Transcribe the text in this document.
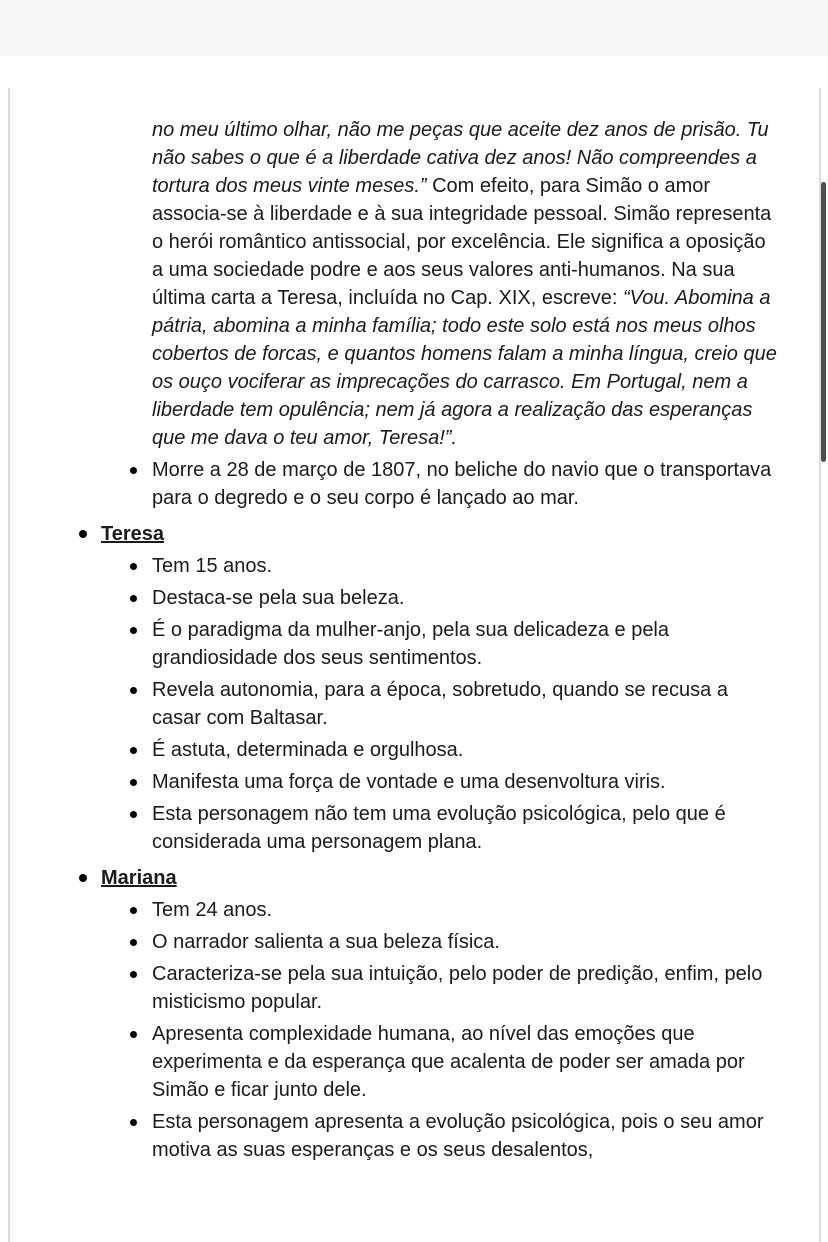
no meu último olhar, não me peças que aceite dez anos de prisão. Tu não sabes o que é a liberdade cativa dez anos! Não compreendes a tortura dos meus vinte meses.” Com efeito, para Simão o amor associa-se à liberdade e à sua integridade pessoal. Simão representa o herói romântico antissocial, por excelência. Ele significa a oposição a uma sociedade podre e aos seus valores anti-humanos. Na sua última carta a Teresa, incluída no Cap. XIX, escreve: “Vou. Abomina a pátria, abomina a minha família; todo este solo está nos meus olhos cobertos de forcas, e quantos homens falam a minha língua, creio que os ouço vociferar as imprecações do carrasco. Em Portugal, nem a liberdade tem opulência; nem já agora a realização das esperanças que me dava o teu amor, Teresa!”.
Morre a 28 de março de 1807, no beliche do navio que o transportava para o degredo e o seu corpo é lançado ao mar.
Teresa
Tem 15 anos.
Destaca-se pela sua beleza.
É o paradigma da mulher-anjo, pela sua delicadeza e pela grandiosidade dos seus sentimentos.
Revela autonomia, para a época, sobretudo, quando se recusa a casar com Baltasar.
É astuta, determinada e orgulhosa.
Manifesta uma força de vontade e uma desenvoltura viris.
Esta personagem não tem uma evolução psicológica, pelo que é considerada uma personagem plana.
Mariana
Tem 24 anos.
O narrador salienta a sua beleza física.
Caracteriza-se pela sua intuição, pelo poder de predição, enfim, pelo misticismo popular.
Apresenta complexidade humana, ao nível das emoções que experimenta e da esperança que acalenta de poder ser amada por Simão e ficar junto dele.
Esta personagem apresenta a evolução psicológica, pois o seu amor motiva as suas esperanças e os seus desalentos,
